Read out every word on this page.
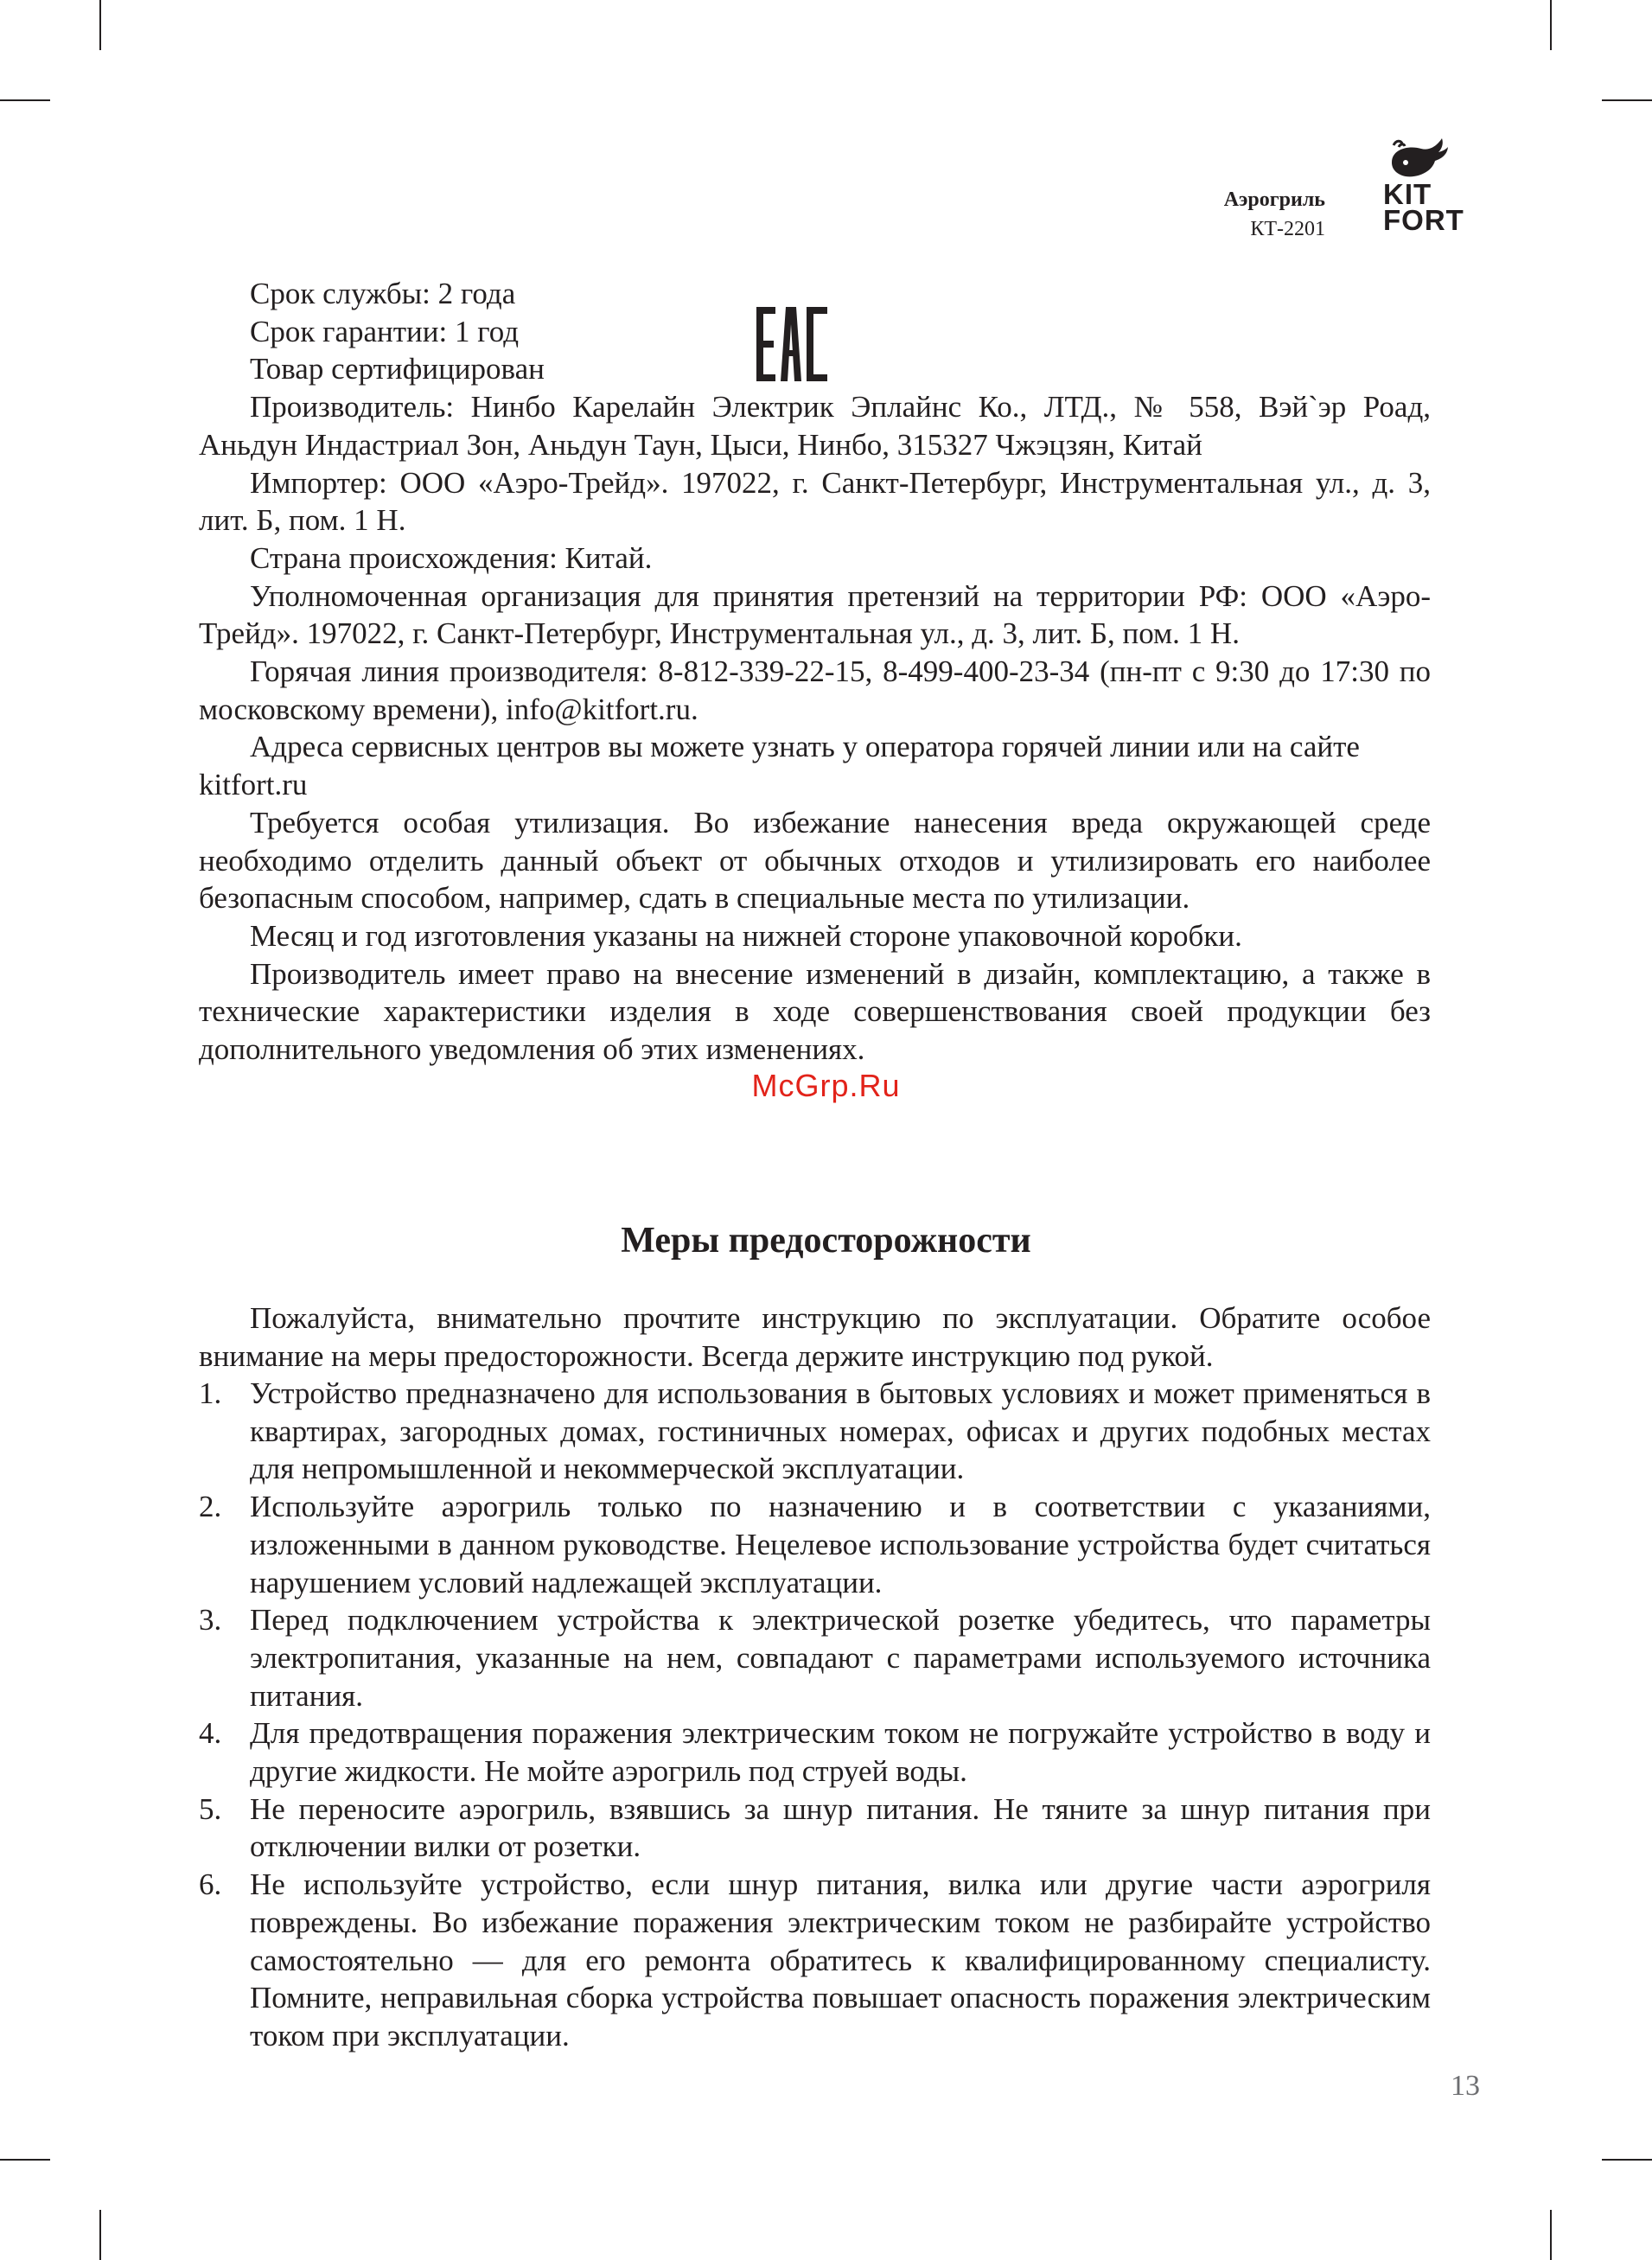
Аэрогриль
КТ-2201
KIT
FORT

Срок службы: 2 года

Срок гарантии: 1 год

Товар сертифицирован

Производитель: Нинбо Карелайн Электрик Эплайнс Ко., ЛТД., № 558, Вэй`эр Роад, Аньдун Индастриал Зон, Аньдун Таун, Цыси, Нинбо, 315327 Чжэцзян, Китай

Импортер: ООО «Аэро-Трейд». 197022, г. Санкт-Петербург, Инструментальная ул., д. 3, лит. Б, пом. 1 Н.

Страна происхождения: Китай.

Уполномоченная организация для принятия претензий на территории РФ: ООО «Аэро-Трейд». 197022, г. Санкт-Петербург, Инструментальная ул., д. 3, лит. Б, пом. 1 Н.

Горячая линия производителя: 8-812-339-22-15, 8-499-400-23-34 (пн-пт с 9:30 до 17:30 по московскому времени), info@kitfort.ru.

Адреса сервисных центров вы можете узнать у оператора горячей линии или на сайте kitfort.ru

Требуется особая утилизация. Во избежание нанесения вреда окружающей среде необходимо отделить данный объект от обычных отходов и утилизировать его наиболее безопасным способом, например, сдать в специальные места по утилизации.

Месяц и год изготовления указаны на нижней стороне упаковочной коробки.

Производитель имеет право на внесение изменений в дизайн, комплектацию, а также в технические характеристики изделия в ходе совершенствования своей продукции без дополнительного уведомления об этих изменениях.

McGrp.Ru
Меры предосторожности

Пожалуйста, внимательно прочтите инструкцию по эксплуатации. Обратите особое внимание на меры предосторожности. Всегда держите инструкцию под рукой.

1. Устройство предназначено для использования в бытовых условиях и может применяться в квартирах, загородных домах, гостиничных номерах, офисах и других подобных местах для непромышленной и некоммерческой эксплуатации.
2. Используйте аэрогриль только по назначению и в соответствии с указаниями, изложенными в данном руководстве. Нецелевое использование устройства будет считаться нарушением условий надлежащей эксплуатации.
3. Перед подключением устройства к электрической розетке убедитесь, что параметры электропитания, указанные на нем, совпадают с параметрами используемого источника питания.
4. Для предотвращения поражения электрическим током не погружайте устройство в воду и другие жидкости. Не мойте аэрогриль под струей воды.
5. Не переносите аэрогриль, взявшись за шнур питания. Не тяните за шнур питания при отключении вилки от розетки.
6. Не используйте устройство, если шнур питания, вилка или другие части аэрогриля повреждены. Во избежание поражения электрическим током не разбирайте устройство самостоятельно — для его ремонта обратитесь к квалифицированному специалисту. Помните, неправильная сборка устройства повышает опасность поражения электрическим током при эксплуатации.
13
